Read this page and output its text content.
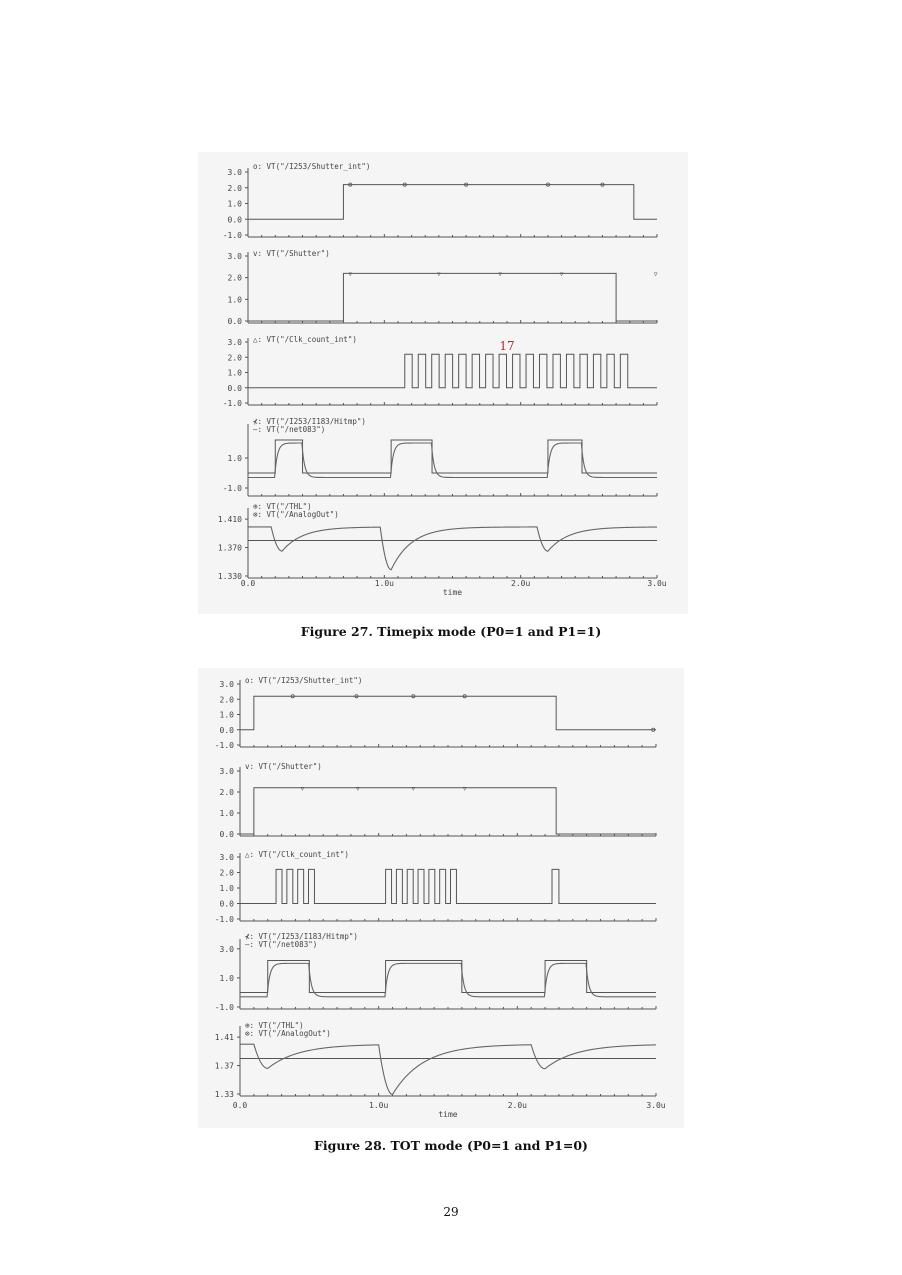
o: VT("/I253/Shutter_int")
3.0
2.0
1.0
0.0
-1.0
v: VT("/Shutter")
3.0
2.0
1.0
0.0
▽	▽	▽	▽	▽
△: VT("/Clk_count_int")
3.0
2.0
1.0
0.0
-1.0
17
⊀: VT("/I253/I183/Hitmp")
–: VT("/net083")
1.0
-1.0
⊕: VT("/THL")
⊗: VT("/AnalogOut")
1.410
1.370
1.330
0.0	1.0u	2.0u	3.0u
time
Figure 27. Timepix mode (P0=1 and P1=1)
o: VT("/I253/Shutter_int")
3.0
2.0
1.0
0.0
-1.0
v: VT("/Shutter")
3.0
2.0
1.0
0.0
▽	▽	▽	▽
△: VT("/Clk_count_int")
3.0
2.0
1.0
0.0
-1.0
⊀: VT("/I253/I183/Hitmp")
–: VT("/net083")
3.0
1.0
-1.0
⊕: VT("/THL")
⊗: VT("/AnalogOut")
1.41
1.37
1.33
0.0	1.0u	2.0u	3.0u
time
Figure 28. TOT mode (P0=1 and P1=0)
29
